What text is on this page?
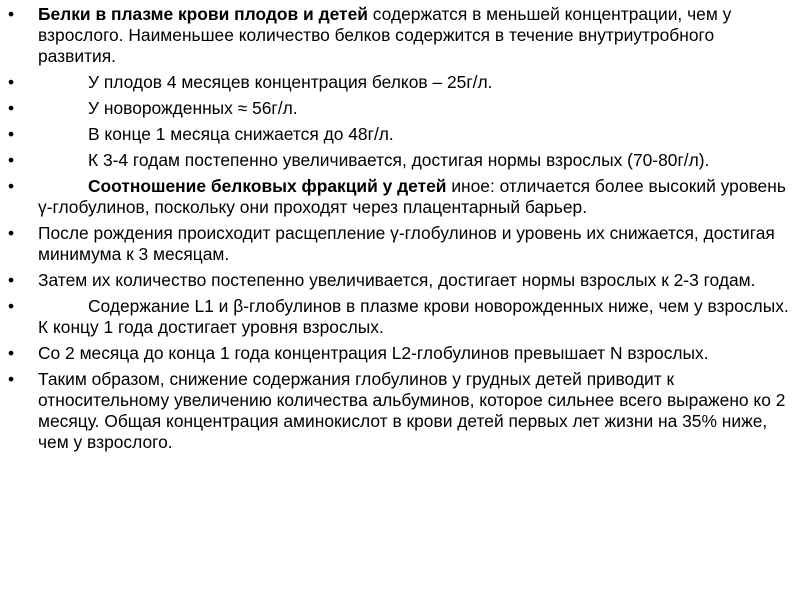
•	Белки в плазме крови плодов и детей содержатся в меньшей концентрации, чем у взрослого. Наименьшее количество белков содержится в течение внутриутробного развития.
•	У плодов 4 месяцев концентрация белков – 25г/л.
•	У новорожденных ≈ 56г/л.
•	В конце 1 месяца снижается до 48г/л.
•	К 3-4 годам постепенно увеличивается, достигая нормы взрослых (70-80г/л).
•	Соотношение белковых фракций у детей иное: отличается более высокий уровень γ-глобулинов, поскольку они проходят через плацентарный барьер.
•	После рождения происходит расщепление γ-глобулинов и уровень их снижается, достигая минимума к 3 месяцам.
•	Затем их количество постепенно увеличивается, достигает нормы взрослых к 2-3 годам.
•	Содержание L1 и β-глобулинов в плазме крови новорожденных ниже, чем у взрослых. К концу 1 года достигает уровня взрослых.
•	Со 2 месяца до конца 1 года концентрация L2-глобулинов превышает N взрослых.
•	Таким образом, снижение содержания глобулинов у грудных детей приводит к относительному увеличению количества альбуминов, которое сильнее всего выражено ко 2 месяцу. Общая концентрация аминокислот в крови детей первых лет жизни на 35% ниже, чем у взрослого.
